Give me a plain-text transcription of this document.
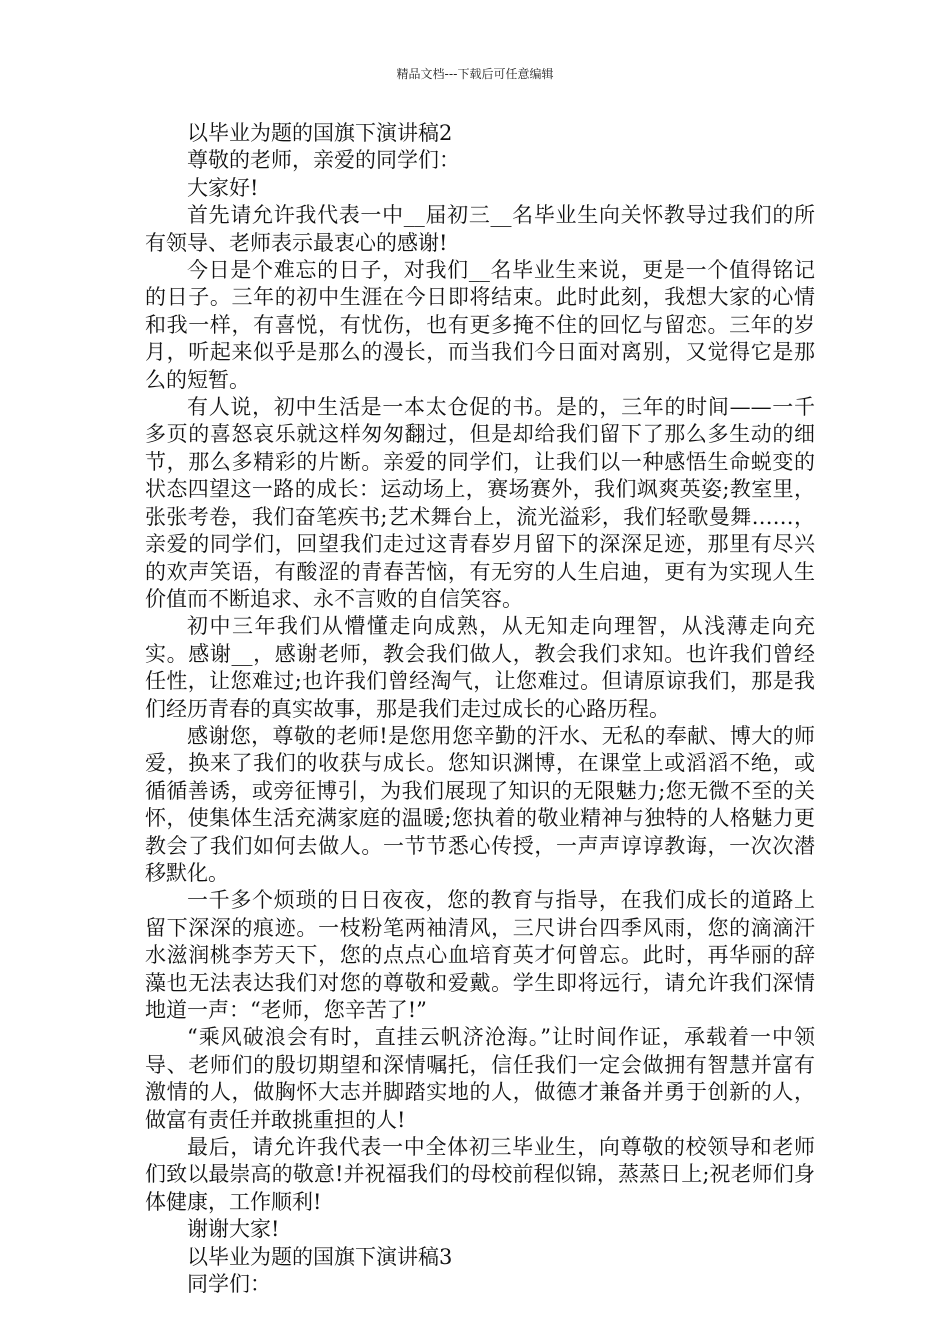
精品文档---下载后可任意编辑

以毕业为题的国旗下演讲稿2

尊敬的老师，亲爱的同学们：

大家好!

首先请允许我代表一中__届初三__名毕业生向关怀教导过我们的所有领导、老师表示最衷心的感谢!

今日是个难忘的日子，对我们__名毕业生来说，更是一个值得铭记的日子。三年的初中生涯在今日即将结束。此时此刻，我想大家的心情和我一样，有喜悦，有忧伤，也有更多掩不住的回忆与留恋。三年的岁月，听起来似乎是那么的漫长，而当我们今日面对离别，又觉得它是那么的短暂。

有人说，初中生活是一本太仓促的书。是的，三年的时间——一千多页的喜怒哀乐就这样匆匆翻过，但是却给我们留下了那么多生动的细节，那么多精彩的片断。亲爱的同学们，让我们以一种感悟生命蜕变的状态四望这一路的成长：运动场上，赛场赛外，我们飒爽英姿;教室里，张张考卷，我们奋笔疾书;艺术舞台上，流光溢彩，我们轻歌曼舞……，亲爱的同学们，回望我们走过这青春岁月留下的深深足迹，那里有尽兴的欢声笑语，有酸涩的青春苦恼，有无穷的人生启迪，更有为实现人生价值而不断追求、永不言败的自信笑容。

初中三年我们从懵懂走向成熟，从无知走向理智，从浅薄走向充实。感谢__，感谢老师，教会我们做人，教会我们求知。也许我们曾经任性，让您难过;也许我们曾经淘气，让您难过。但请原谅我们，那是我们经历青春的真实故事，那是我们走过成长的心路历程。

感谢您，尊敬的老师!是您用您辛勤的汗水、无私的奉献、博大的师爱，换来了我们的收获与成长。您知识渊博，在课堂上或滔滔不绝，或循循善诱，或旁征博引，为我们展现了知识的无限魅力;您无微不至的关怀，使集体生活充满家庭的温暖;您执着的敬业精神与独特的人格魅力更教会了我们如何去做人。一节节悉心传授，一声声谆谆教诲，一次次潜移默化。

一千多个烦琐的日日夜夜，您的教育与指导，在我们成长的道路上留下深深的痕迹。一枝粉笔两袖清风，三尺讲台四季风雨，您的滴滴汗水滋润桃李芳天下，您的点点心血培育英才何曾忘。此时，再华丽的辞藻也无法表达我们对您的尊敬和爱戴。学生即将远行，请允许我们深情地道一声：“老师，您辛苦了!”

“乘风破浪会有时，直挂云帆济沧海。”让时间作证，承载着一中领导、老师们的殷切期望和深情嘱托，信任我们一定会做拥有智慧并富有激情的人，做胸怀大志并脚踏实地的人，做德才兼备并勇于创新的人，做富有责任并敢挑重担的人!

最后，请允许我代表一中全体初三毕业生，向尊敬的校领导和老师们致以最崇高的敬意!并祝福我们的母校前程似锦，蒸蒸日上;祝老师们身体健康，工作顺利!

谢谢大家!

以毕业为题的国旗下演讲稿3

同学们：
